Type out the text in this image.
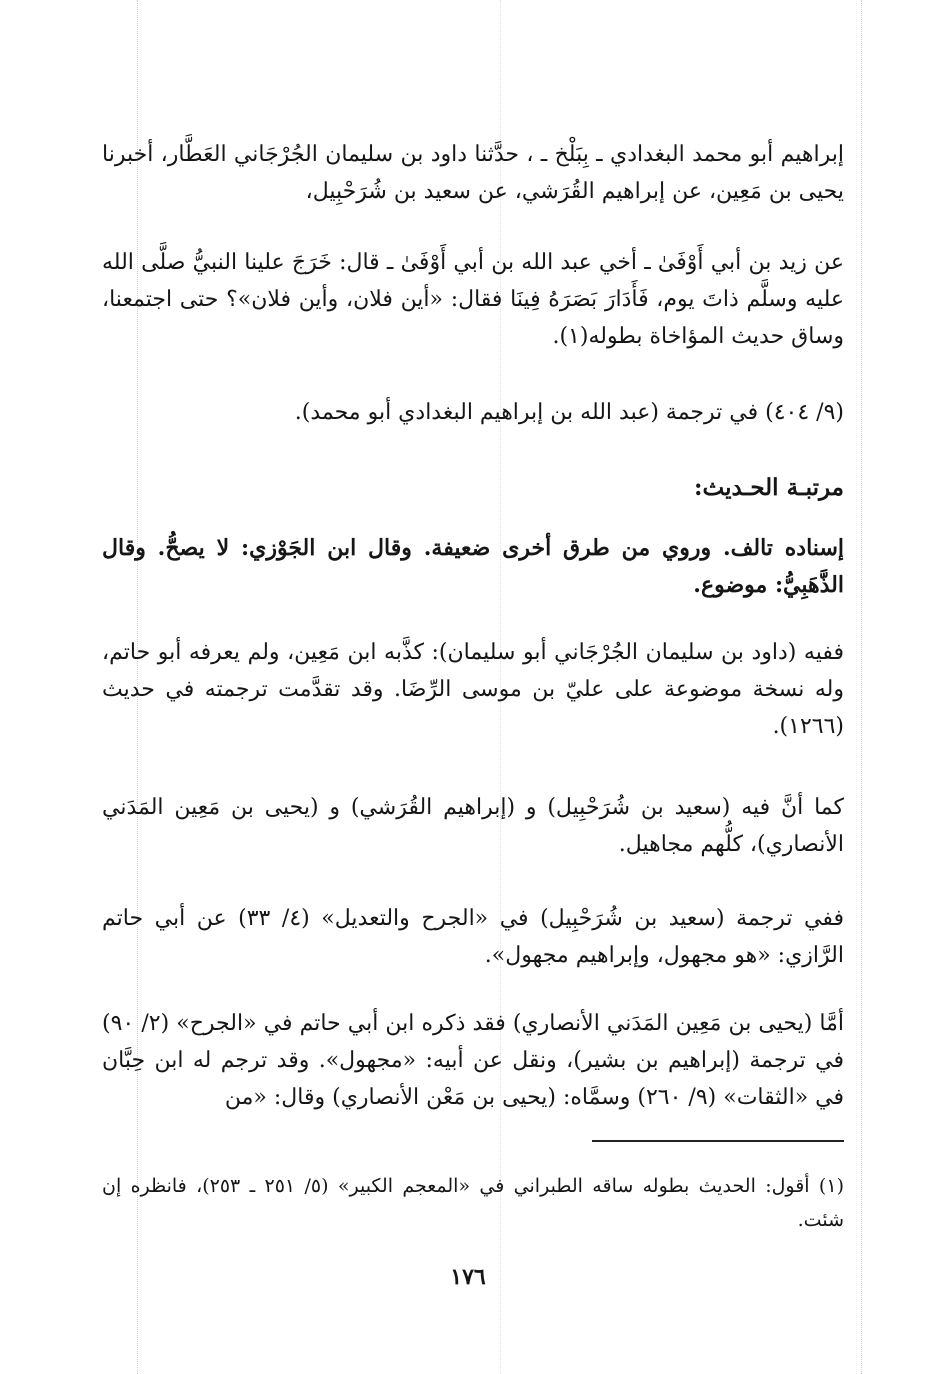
إبراهيم أبو محمد البغدادي ـ بِبَلْخ ـ ، حدَّثنا داود بن سليمان الجُرْجَاني العَطَّار، أخبرنا يحيى بن مَعِين، عن إبراهيم القُرَشي، عن سعيد بن شُرَحْبِيل،

عن زيد بن أبي أَوْفَىٰ ـ أخي عبد الله بن أبي أَوْفَىٰ ـ قال: خَرَجَ علينا النبيُّ صلَّى الله عليه وسلَّم ذاتَ يوم، فَأَدَارَ بَصَرَهُ فِينَا فقال: «أين فلان، وأين فلان»؟ حتى اجتمعنا، وساق حديث المؤاخاة بطوله(١).

(٩/ ٤٠٤) في ترجمة (عبد الله بن إبراهيم البغدادي أبو محمد).

مرتبـة الحـديث:

إسناده تالف. وروي من طرق أخرى ضعيفة. وقال ابن الجَوْزي: لا يصحُّ. وقال الذَّهَبِيُّ: موضوع.

ففيه (داود بن سليمان الجُرْجَاني أبو سليمان): كذَّبه ابن مَعِين، ولم يعرفه أبو حاتم، وله نسخة موضوعة على عليّ بن موسى الرِّضَا. وقد تقدَّمت ترجمته في حديث (١٢٦٦).

كما أنَّ فيه (سعيد بن شُرَحْبِيل) و (إبراهيم القُرَشي) و (يحيى بن مَعِين المَدَني الأنصاري)، كلُّهم مجاهيل.

ففي ترجمة (سعيد بن شُرَحْبِيل) في «الجرح والتعديل» (٤/ ٣٣) عن أبي حاتم الرَّازي: «هو مجهول، وإبراهيم مجهول».

أمَّا (يحيى بن مَعِين المَدَني الأنصاري) فقد ذكره ابن أبي حاتم في «الجرح» (٢/ ٩٠) في ترجمة (إبراهيم بن بشير)، ونقل عن أبيه: «مجهول». وقد ترجم له ابن حِبَّان في «الثقات» (٩/ ٢٦٠) وسمَّاه: (يحيى بن مَعْن الأنصاري) وقال: «من

(١) أقول: الحديث بطوله ساقه الطبراني في «المعجم الكبير» (٥/ ٢٥١ ـ ٢٥٣)، فانظره إن شئت.

١٧٦
